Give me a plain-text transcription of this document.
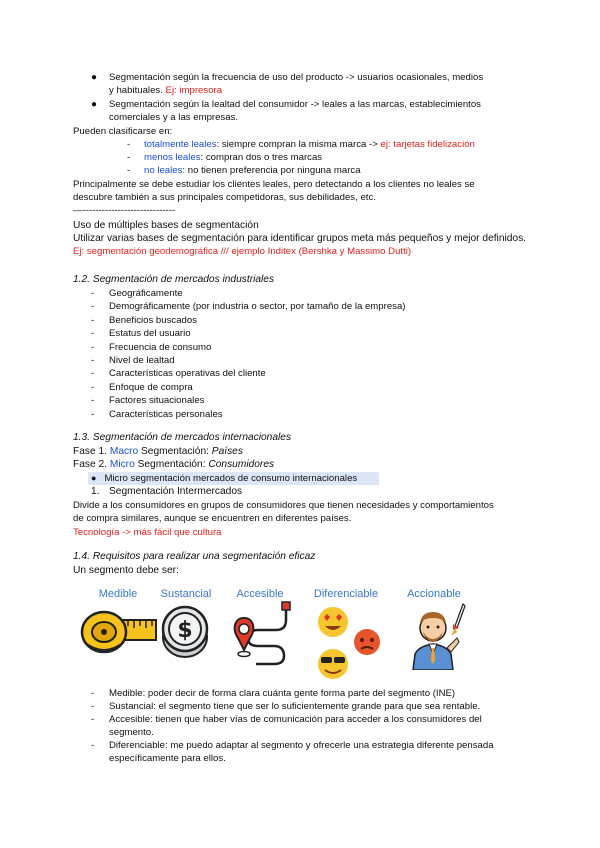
● Segmentación según la frecuencia de uso del producto -> usuarios ocasionales, medios
y habituales. Ej: impresora
● Segmentación según la lealtad del consumidor -> leales a las marcas, establecimientos
comerciales y a las empresas.
Pueden clasificarse en:
- totalmente leales: siempre compran la misma marca -> ej: tarjetas fidelización
- menos leales: compran dos o tres marcas
- no leales: no tienen preferencia por ninguna marca
Principalmente se debe estudiar los clientes leales, pero detectando a los clientes no leales se
descubre también a sus principales competidoras, sus debilidades, etc.
—-----------------------------
Uso de múltiples bases de segmentación
Utilizar varias bases de segmentación para identificar grupos meta más pequeños y mejor definidos.
Ej: segmentación geodemográfica /// ejemplo Inditex (Bershka y Massimo Dutti)
1.2. Segmentación de mercados industriales
- Geográficamente
- Demográficamente (por industria o sector, por tamaño de la empresa)
- Beneficios buscados
- Estatus del usuario
- Frecuencia de consumo
- Nivel de lealtad
- Características operativas del cliente
- Enfoque de compra
- Factores situacionales
- Características personales
1.3. Segmentación de mercados internacionales
Fase 1. Macro Segmentación: Países
Fase 2. Micro Segmentación: Consumidores
● Micro segmentación mercados de consumo internacionales
1. Segmentación Intermercados
Divide a los consumidores en grupos de consumidores que tienen necesidades y comportamientos
de compra similares, aunque se encuentren en diferentes países.
Tecnología -> más fácil que cultura
1.4. Requisitos para realizar una segmentación eficaz
Un segmento debe ser:
Medible	Sustancial	Accesible	Diferenciable	Accionable
$
- Medible: poder decir de forma clara cuánta gente forma parte del segmento (INE)
- Sustancial: el segmento tiene que ser lo suficientemente grande para que sea rentable.
- Accesible: tienen que haber vías de comunicación para acceder a los consumidores del
segmento.
- Diferenciable: me puedo adaptar al segmento y ofrecerle una estrategia diferente pensada
específicamente para ellos.
